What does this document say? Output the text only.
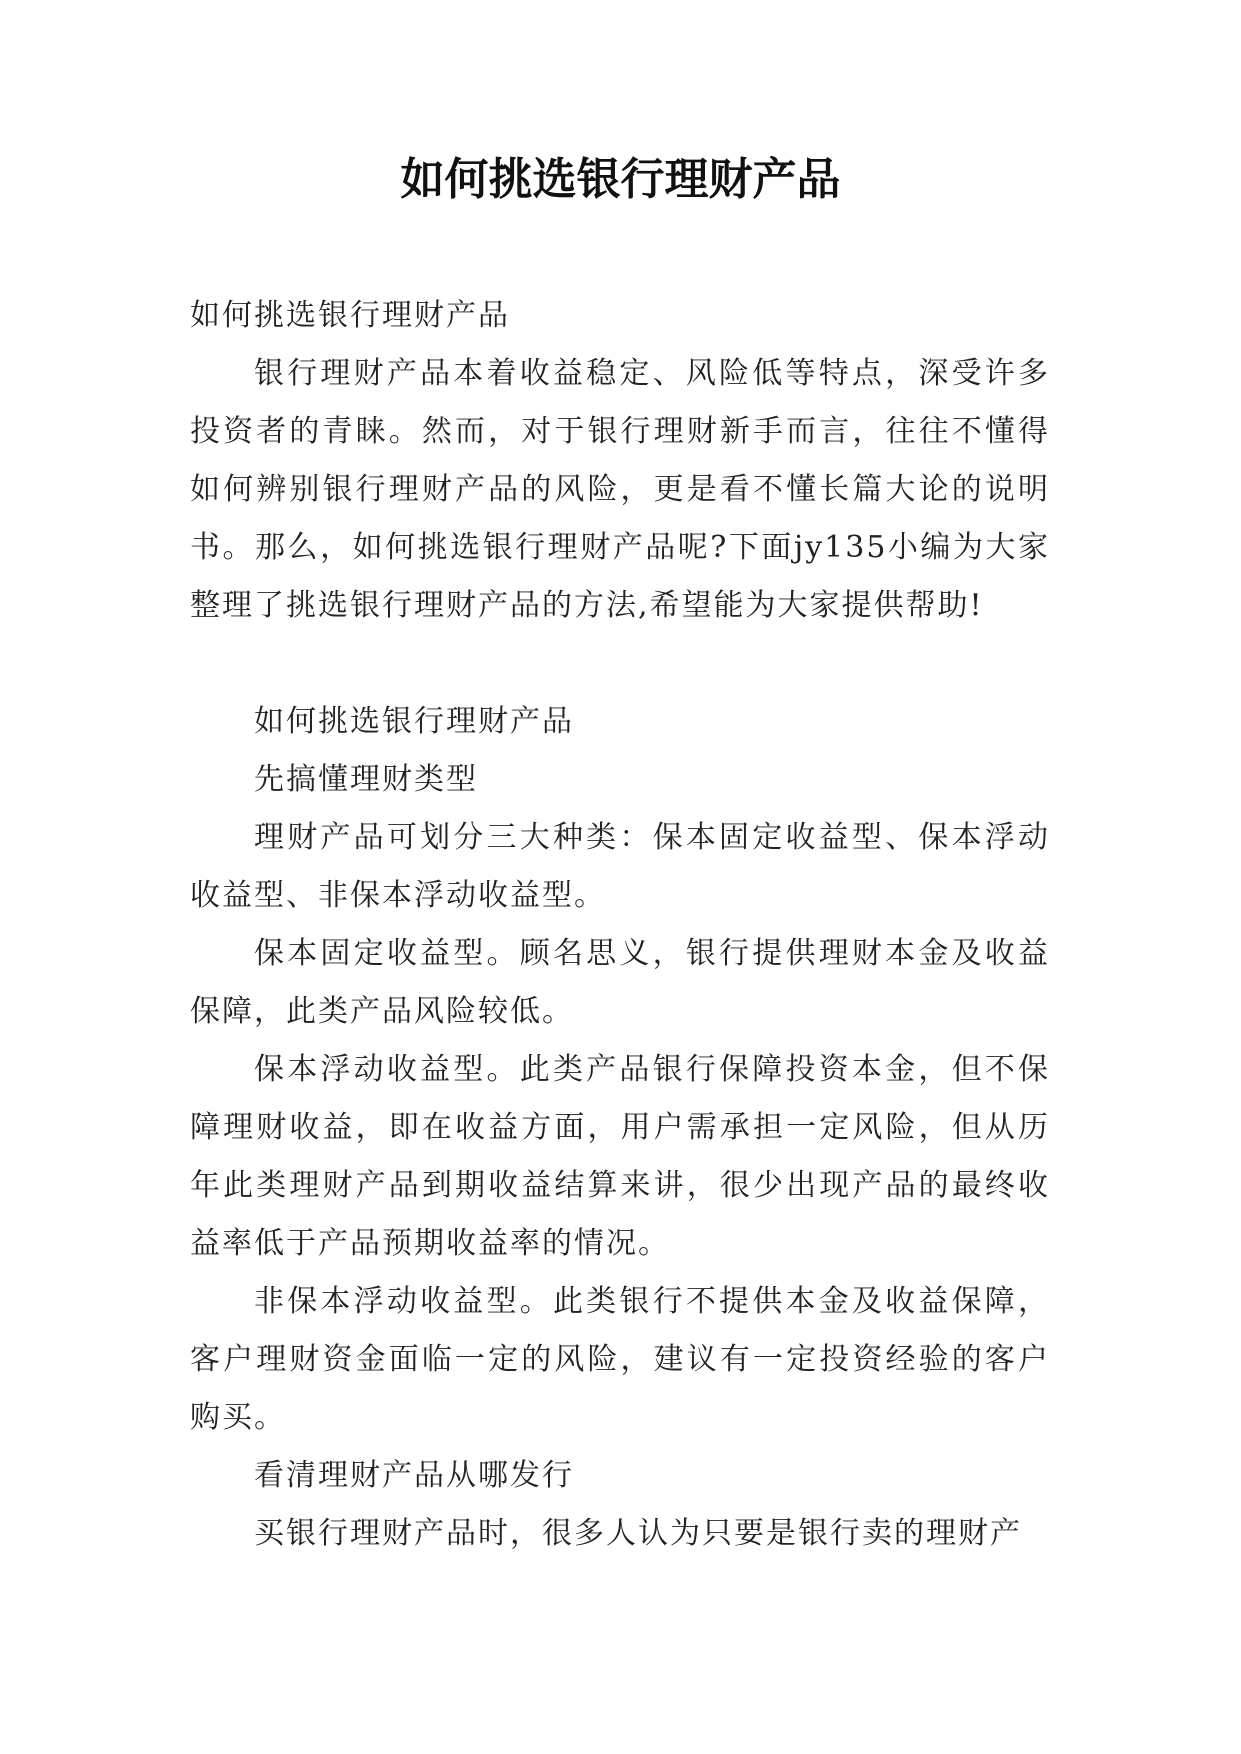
如何挑选银行理财产品

如何挑选银行理财产品

银行理财产品本着收益稳定、风险低等特点，深受许多投资者的青睐。然而，对于银行理财新手而言，往往不懂得如何辨别银行理财产品的风险，更是看不懂长篇大论的说明书。那么，如何挑选银行理财产品呢?下面jy135小编为大家整理了挑选银行理财产品的方法,希望能为大家提供帮助!

如何挑选银行理财产品

先搞懂理财类型

理财产品可划分三大种类：保本固定收益型、保本浮动收益型、非保本浮动收益型。

保本固定收益型。顾名思义，银行提供理财本金及收益保障，此类产品风险较低。

保本浮动收益型。此类产品银行保障投资本金，但不保障理财收益，即在收益方面，用户需承担一定风险，但从历年此类理财产品到期收益结算来讲，很少出现产品的最终收益率低于产品预期收益率的情况。

非保本浮动收益型。此类银行不提供本金及收益保障，客户理财资金面临一定的风险，建议有一定投资经验的客户购买。

看清理财产品从哪发行

买银行理财产品时，很多人认为只要是银行卖的理财产
